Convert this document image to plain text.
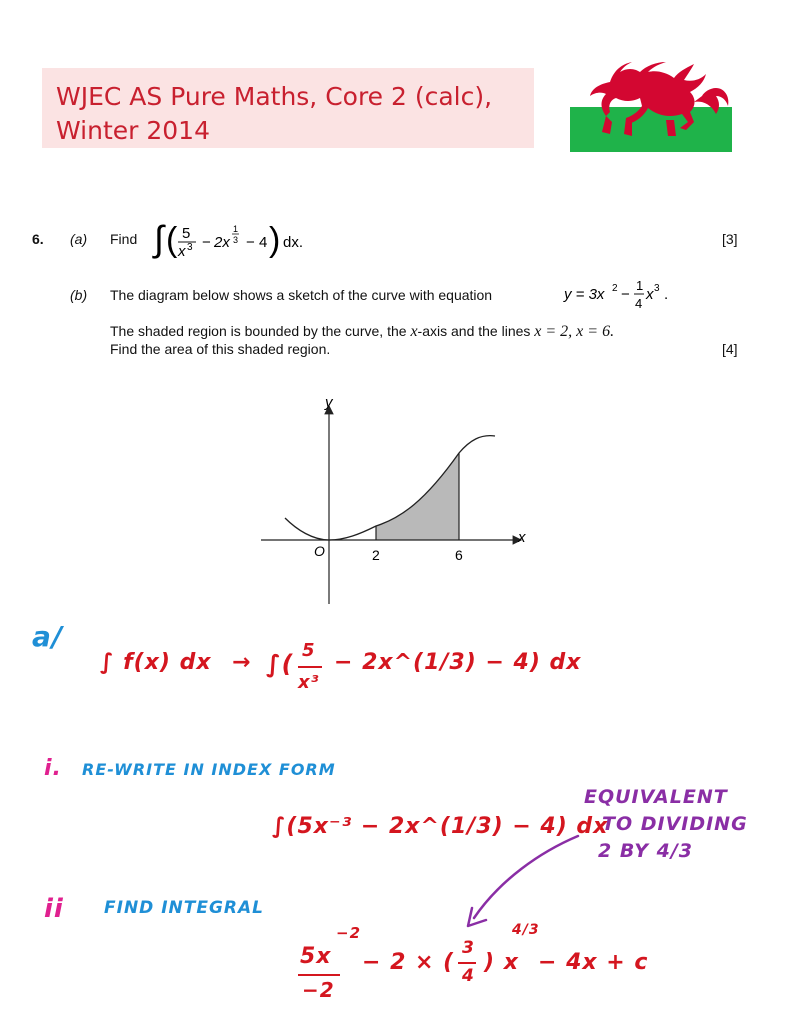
WJEC AS Pure Maths, Core 2 (calc),
Winter 2014
6. (a) Find ∫ ( 5
x 3 − 2x
1
3 − 4 ) dx.	[3]
(b) The diagram below shows a sketch of the curve with equation	y = 3x 2 −
1
4
x 3 .
The shaded region is bounded by the curve, the x-axis and the lines x = 2, x = 6.
Find the area of this shaded region.	[4]
y
x
O	2	6
a/
∫ f(x) dx → ∫( 5
x³
− 2x^(1/3) − 4) dx
i. RE-WRITE IN INDEX FORM
∫(5x⁻³ − 2x^(1/3) − 4) dx
EQUIVALENT
TO DIVIDING
2 BY 4/3
ii FIND INTEGRAL
5x
−2
−2
− 2 × (
3
4
) x
4/3
− 4x + c
